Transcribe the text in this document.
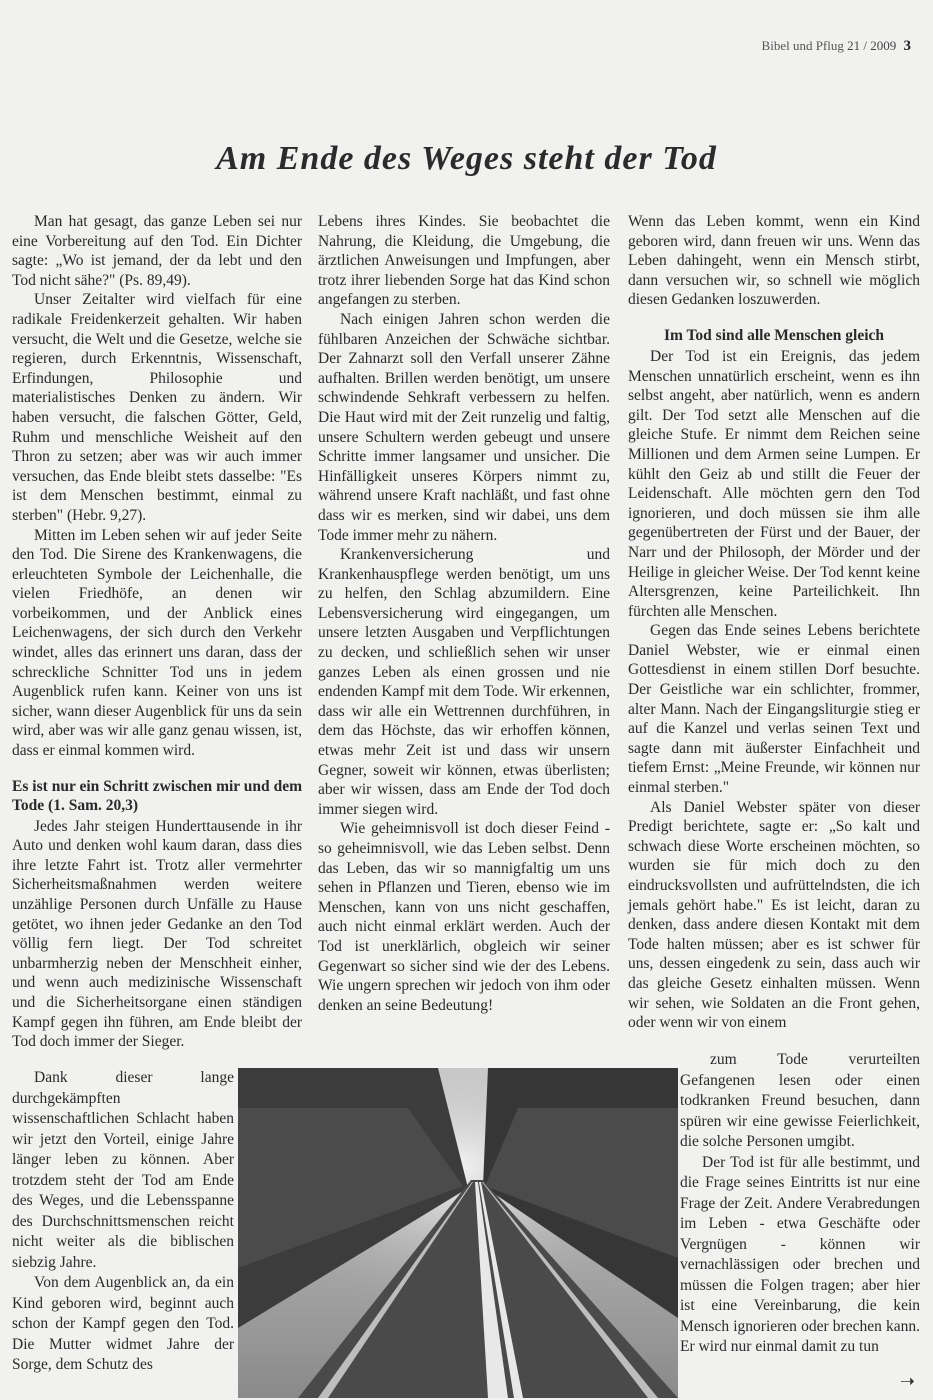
Bibel und Pflug 21 / 2009 3
Am Ende des Weges steht der Tod

Man hat gesagt, das ganze Leben sei nur eine Vorbereitung auf den Tod. Ein Dichter sagte: „Wo ist jemand, der da lebt und den Tod nicht sähe?" (Ps. 89,49).

Unser Zeitalter wird vielfach für eine radikale Freidenkerzeit gehalten. Wir haben versucht, die Welt und die Gesetze, welche sie regieren, durch Erkenntnis, Wissenschaft, Erfindungen, Philosophie und materialistisches Denken zu ändern. Wir haben versucht, die falschen Götter, Geld, Ruhm und menschliche Weisheit auf den Thron zu setzen; aber was wir auch immer versuchen, das Ende bleibt stets dasselbe: "Es ist dem Menschen bestimmt, einmal zu sterben" (Hebr. 9,27).

Mitten im Leben sehen wir auf jeder Seite den Tod. Die Sirene des Krankenwagens, die erleuchteten Symbole der Leichenhalle, die vielen Friedhöfe, an denen wir vorbeikommen, und der Anblick eines Leichenwagens, der sich durch den Verkehr windet, alles das erinnert uns daran, dass der schreckliche Schnitter Tod uns in jedem Augenblick rufen kann. Keiner von uns ist sicher, wann dieser Augenblick für uns da sein wird, aber was wir alle ganz genau wissen, ist, dass er einmal kommen wird.

Es ist nur ein Schritt zwischen mir und dem Tode (1. Sam. 20,3)

Jedes Jahr steigen Hunderttausende in ihr Auto und denken wohl kaum daran, dass dies ihre letzte Fahrt ist. Trotz aller vermehrter Sicherheitsmaßnahmen werden weitere unzählige Personen durch Unfälle zu Hause getötet, wo ihnen jeder Gedanke an den Tod völlig fern liegt. Der Tod schreitet unbarmherzig neben der Menschheit einher, und wenn auch medizinische Wissenschaft und die Sicherheitsorgane einen ständigen Kampf gegen ihn führen, am Ende bleibt der Tod doch immer der Sieger.

Dank dieser lange durchgekämpften wissenschaftlichen Schlacht haben wir jetzt den Vorteil, einige Jahre länger leben zu können. Aber trotzdem steht der Tod am Ende des Weges, und die Lebensspanne des Durchschnittsmenschen reicht nicht weiter als die biblischen siebzig Jahre.

Von dem Augenblick an, da ein Kind geboren wird, beginnt auch schon der Kampf gegen den Tod. Die Mutter widmet Jahre der Sorge, dem Schutz des

Lebens ihres Kindes. Sie beobachtet die Nahrung, die Kleidung, die Umgebung, die ärztlichen Anweisungen und Impfungen, aber trotz ihrer liebenden Sorge hat das Kind schon angefangen zu sterben.

Nach einigen Jahren schon werden die fühlbaren Anzeichen der Schwäche sichtbar. Der Zahnarzt soll den Verfall unserer Zähne aufhalten. Brillen werden benötigt, um unsere schwindende Sehkraft verbessern zu helfen. Die Haut wird mit der Zeit runzelig und faltig, unsere Schultern werden gebeugt und unsere Schritte immer langsamer und unsicher. Die Hinfälligkeit unseres Körpers nimmt zu, während unsere Kraft nachläßt, und fast ohne dass wir es merken, sind wir dabei, uns dem Tode immer mehr zu nähern.

Krankenversicherung und Krankenhauspflege werden benötigt, um uns zu helfen, den Schlag abzumildern. Eine Lebensversicherung wird eingegangen, um unsere letzten Ausgaben und Verpflichtungen zu decken, und schließlich sehen wir unser ganzes Leben als einen grossen und nie endenden Kampf mit dem Tode. Wir erkennen, dass wir alle ein Wettrennen durchführen, in dem das Höchste, das wir erhoffen können, etwas mehr Zeit ist und dass wir unsern Gegner, soweit wir können, etwas überlisten; aber wir wissen, dass am Ende der Tod doch immer siegen wird.

Wie geheimnisvoll ist doch dieser Feind - so geheimnisvoll, wie das Leben selbst. Denn das Leben, das wir so mannigfaltig um uns sehen in Pflanzen und Tieren, ebenso wie im Menschen, kann von uns nicht geschaffen, auch nicht einmal erklärt werden. Auch der Tod ist unerklärlich, obgleich wir seiner Gegenwart so sicher sind wie der des Lebens. Wie ungern sprechen wir jedoch von ihm oder denken an seine Bedeutung!

Wenn das Leben kommt, wenn ein Kind geboren wird, dann freuen wir uns. Wenn das Leben dahingeht, wenn ein Mensch stirbt, dann versuchen wir, so schnell wie möglich diesen Gedanken loszuwerden.

Im Tod sind alle Menschen gleich

Der Tod ist ein Ereignis, das jedem Menschen unnatürlich erscheint, wenn es ihn selbst angeht, aber natürlich, wenn es andern gilt. Der Tod setzt alle Menschen auf die gleiche Stufe. Er nimmt dem Reichen seine Millionen und dem Armen seine Lumpen. Er kühlt den Geiz ab und stillt die Feuer der Leidenschaft. Alle möchten gern den Tod ignorieren, und doch müssen sie ihm alle gegenübertreten der Fürst und der Bauer, der Narr und der Philosoph, der Mörder und der Heilige in gleicher Weise. Der Tod kennt keine Altersgrenzen, keine Parteilichkeit. Ihn fürchten alle Menschen.

Gegen das Ende seines Lebens berichtete Daniel Webster, wie er einmal einen Gottesdienst in einem stillen Dorf besuchte. Der Geistliche war ein schlichter, frommer, alter Mann. Nach der Eingangsliturgie stieg er auf die Kanzel und verlas seinen Text und sagte dann mit äußerster Einfachheit und tiefem Ernst: „Meine Freunde, wir können nur einmal sterben."

Als Daniel Webster später von dieser Predigt berichtete, sagte er: „So kalt und schwach diese Worte erscheinen möchten, so wurden sie für mich doch zu den eindrucksvollsten und aufrüttelndsten, die ich jemals gehört habe." Es ist leicht, daran zu denken, dass andere diesen Kontakt mit dem Tode halten müssen; aber es ist schwer für uns, dessen eingedenk zu sein, dass auch wir das gleiche Gesetz einhalten müssen. Wenn wir sehen, wie Soldaten an die Front gehen, oder wenn wir von einem

zum Tode verurteilten Gefangenen lesen oder einen todkranken Freund besuchen, dann spüren wir eine gewisse Feierlichkeit, die solche Personen umgibt.

Der Tod ist für alle bestimmt, und die Frage seines Eintritts ist nur eine Frage der Zeit. Andere Verabredungen im Leben - etwa Geschäfte oder Vergnügen - können wir vernachlässigen oder brechen und müssen die Folgen tragen; aber hier ist eine Vereinbarung, die kein Mensch ignorieren oder brechen kann. Er wird nur einmal damit zu tun

➝
